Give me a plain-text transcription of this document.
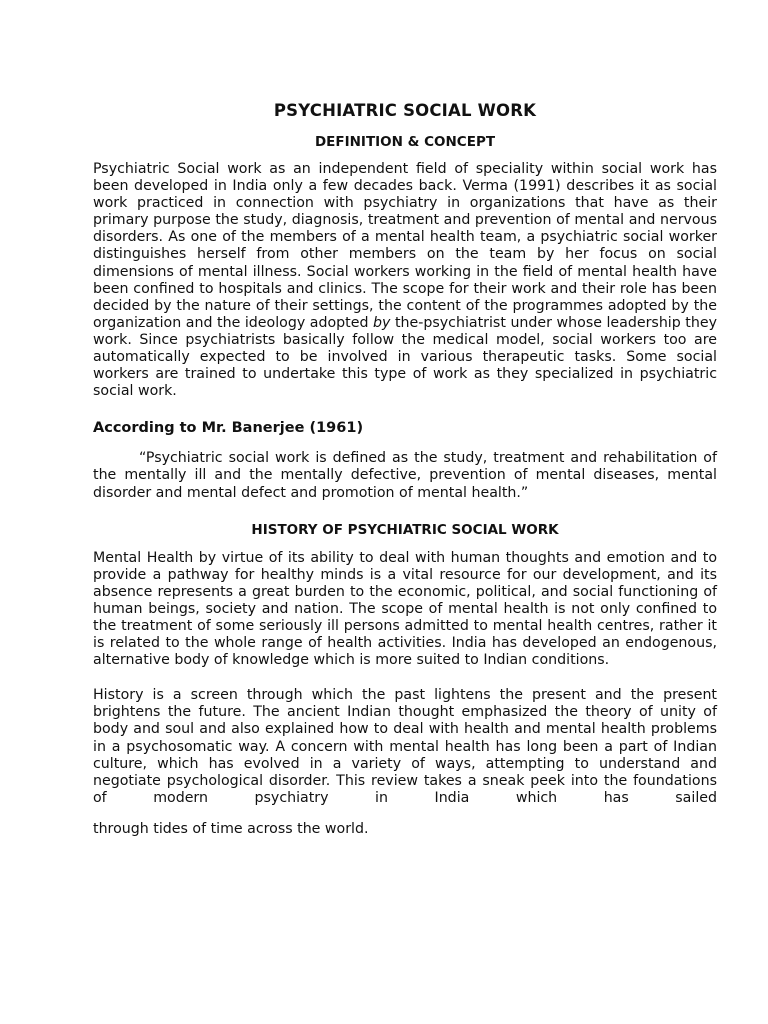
PSYCHIATRIC SOCIAL WORK
DEFINITION & CONCEPT

Psychiatric Social work as an independent field of speciality within social work has been developed in India only a few decades back. Verma (1991) describes it as social work practiced in connection with psychiatry in organizations that have as their primary purpose the study, diagnosis, treatment and prevention of mental and nervous disorders. As one of the members of a mental health team, a psychiatric social worker distinguishes herself from other members on the team by her focus on social dimensions of mental illness. Social workers working in the field of mental health have been confined to hospitals and clinics. The scope for their work and their role has been decided by the nature of their settings, the content of the programmes adopted by the organization and the ideology adopted by the-psychiatrist under whose leadership they work. Since psychiatrists basically follow the medical model, social workers too are automatically expected to be involved in various therapeutic tasks. Some social workers are trained to undertake this type of work as they specialized in psychiatric social work.

According to Mr. Banerjee (1961)

“Psychiatric social work is defined as the study, treatment and rehabilitation of the mentally ill and the mentally defective, prevention of mental diseases, mental disorder and mental defect and promotion of mental health.”

HISTORY OF PSYCHIATRIC SOCIAL WORK

Mental Health by virtue of its ability to deal with human thoughts and emotion and to provide a pathway for healthy minds is a vital resource for our development, and its absence represents a great burden to the economic, political, and social functioning of human beings, society and nation. The scope of mental health is not only confined to the treatment of some seriously ill persons admitted to mental health centres, rather it is related to the whole range of health activities. India has developed an endogenous, alternative body of knowledge which is more suited to Indian conditions.

History is a screen through which the past lightens the present and the present brightens the future. The ancient Indian thought emphasized the theory of unity of body and soul and also explained how to deal with health and mental health problems in a psychosomatic way. A concern with mental health has long been a part of Indian culture, which has evolved in a variety of ways, attempting to understand and negotiate psychological disorder. This review takes a sneak peek into the foundations of modern psychiatry in India which has sailed

through tides of time across the world.
